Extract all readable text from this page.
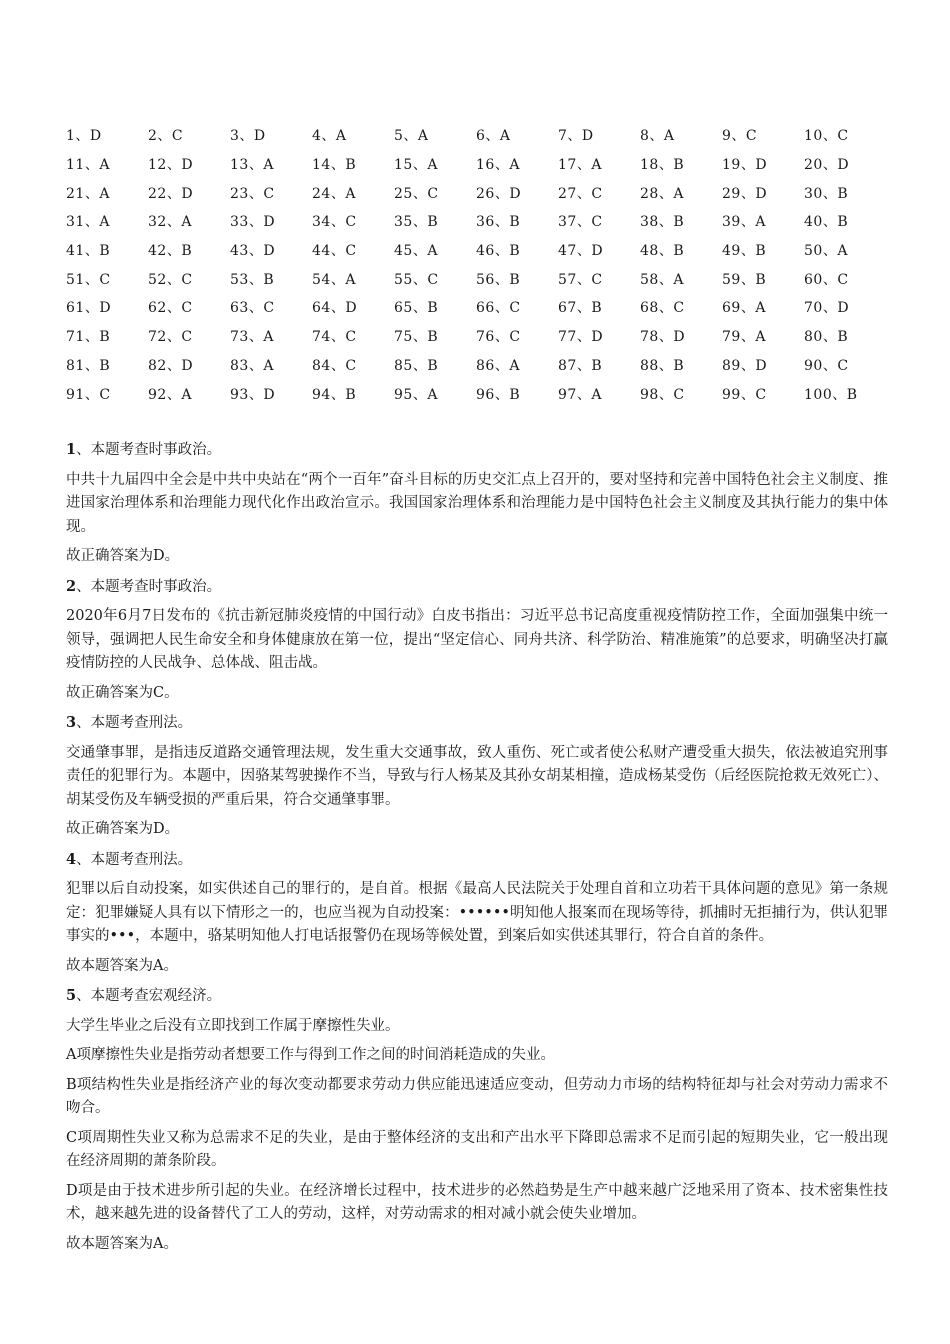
1、D	2、C	3、D	4、A	5、A	6、A	7、D	8、A	9、C	10、C
11、A	12、D	13、A	14、B	15、A	16、A	17、A	18、B	19、D	20、D
21、A	22、D	23、C	24、A	25、C	26、D	27、C	28、A	29、D	30、B
31、A	32、A	33、D	34、C	35、B	36、B	37、C	38、B	39、A	40、B
41、B	42、B	43、D	44、C	45、A	46、B	47、D	48、B	49、B	50、A
51、C	52、C	53、B	54、A	55、C	56、B	57、C	58、A	59、B	60、C
61、D	62、C	63、C	64、D	65、B	66、C	67、B	68、C	69、A	70、D
71、B	72、C	73、A	74、C	75、B	76、C	77、D	78、D	79、A	80、B
81、B	82、D	83、A	84、C	85、B	86、A	87、B	88、B	89、D	90、C
91、C	92、A	93、D	94、B	95、A	96、B	97、A	98、C	99、C	100、B

1、本题考查时事政治。

中共十九届四中全会是中共中央站在“两个一百年”奋斗目标的历史交汇点上召开的，要对坚持和完善中国特色社会主义制度、推进国家治理体系和治理能力现代化作出政治宣示。我国国家治理体系和治理能力是中国特色社会主义制度及其执行能力的集中体现。

故正确答案为D。

2、本题考查时事政治。

2020年6月7日发布的《抗击新冠肺炎疫情的中国行动》白皮书指出：习近平总书记高度重视疫情防控工作，全面加强集中统一领导，强调把人民生命安全和身体健康放在第一位，提出“坚定信心、同舟共济、科学防治、精准施策”的总要求，明确坚决打赢疫情防控的人民战争、总体战、阻击战。

故正确答案为C。

3、本题考查刑法。

交通肇事罪，是指违反道路交通管理法规，发生重大交通事故，致人重伤、死亡或者使公私财产遭受重大损失，依法被追究刑事责任的犯罪行为。本题中，因骆某驾驶操作不当，导致与行人杨某及其孙女胡某相撞，造成杨某受伤（后经医院抢救无效死亡）、胡某受伤及车辆受损的严重后果，符合交通肇事罪。

故正确答案为D。

4、本题考查刑法。

犯罪以后自动投案，如实供述自己的罪行的，是自首。根据《最高人民法院关于处理自首和立功若干具体问题的意见》第一条规定：犯罪嫌疑人具有以下情形之一的，也应当视为自动投案：••••••明知他人报案而在现场等待，抓捕时无拒捕行为，供认犯罪事实的•••，本题中，骆某明知他人打电话报警仍在现场等候处置，到案后如实供述其罪行，符合自首的条件。

故本题答案为A。

5、本题考查宏观经济。

大学生毕业之后没有立即找到工作属于摩擦性失业。

A项摩擦性失业是指劳动者想要工作与得到工作之间的时间消耗造成的失业。

B项结构性失业是指经济产业的每次变动都要求劳动力供应能迅速适应变动，但劳动力市场的结构特征却与社会对劳动力需求不吻合。

C项周期性失业又称为总需求不足的失业，是由于整体经济的支出和产出水平下降即总需求不足而引起的短期失业，它一般出现在经济周期的萧条阶段。

D项是由于技术进步所引起的失业。在经济增长过程中，技术进步的必然趋势是生产中越来越广泛地采用了资本、技术密集性技术，越来越先进的设备替代了工人的劳动，这样，对劳动需求的相对减小就会使失业增加。

故本题答案为A。
